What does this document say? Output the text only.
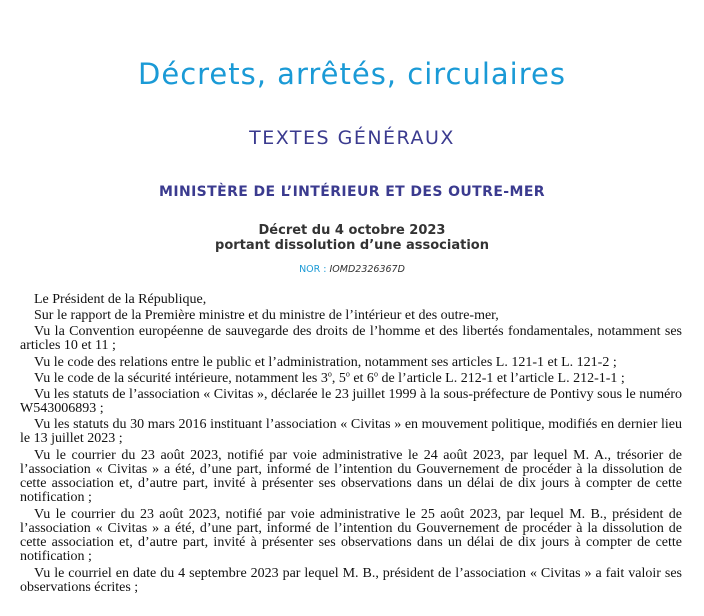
Décrets, arrêtés, circulaires
TEXTES GÉNÉRAUX
MINISTÈRE DE L’INTÉRIEUR ET DES OUTRE-MER
Décret du 4 octobre 2023
portant dissolution d’une association
NOR : IOMD2326367D

Le Président de la République,

Sur le rapport de la Première ministre et du ministre de l’intérieur et des outre-mer,

Vu la Convention européenne de sauvegarde des droits de l’homme et des libertés fondamentales, notamment ses articles 10 et 11 ;

Vu le code des relations entre le public et l’administration, notamment ses articles L. 121-1 et L. 121-2 ;

Vu le code de la sécurité intérieure, notamment les 3$^o$, 5$^o$ et 6$^o$ de l’article L. 212-1 et l’article L. 212-1-1 ;

Vu les statuts de l’association « Civitas », déclarée le 23 juillet 1999 à la sous-préfecture de Pontivy sous le numéro W543006893 ;

Vu les statuts du 30 mars 2016 instituant l’association « Civitas » en mouvement politique, modifiés en dernier lieu le 13 juillet 2023 ;

Vu le courrier du 23 août 2023, notifié par voie administrative le 24 août 2023, par lequel M. A., trésorier de l’association « Civitas » a été, d’une part, informé de l’intention du Gouvernement de procéder à la dissolution de cette association et, d’autre part, invité à présenter ses observations dans un délai de dix jours à compter de cette notification ;

Vu le courrier du 23 août 2023, notifié par voie administrative le 25 août 2023, par lequel M. B., président de l’association « Civitas » a été, d’une part, informé de l’intention du Gouvernement de procéder à la dissolution de cette association et, d’autre part, invité à présenter ses observations dans un délai de dix jours à compter de cette notification ;

Vu le courriel en date du 4 septembre 2023 par lequel M. B., président de l’association « Civitas » a fait valoir ses observations écrites ;
